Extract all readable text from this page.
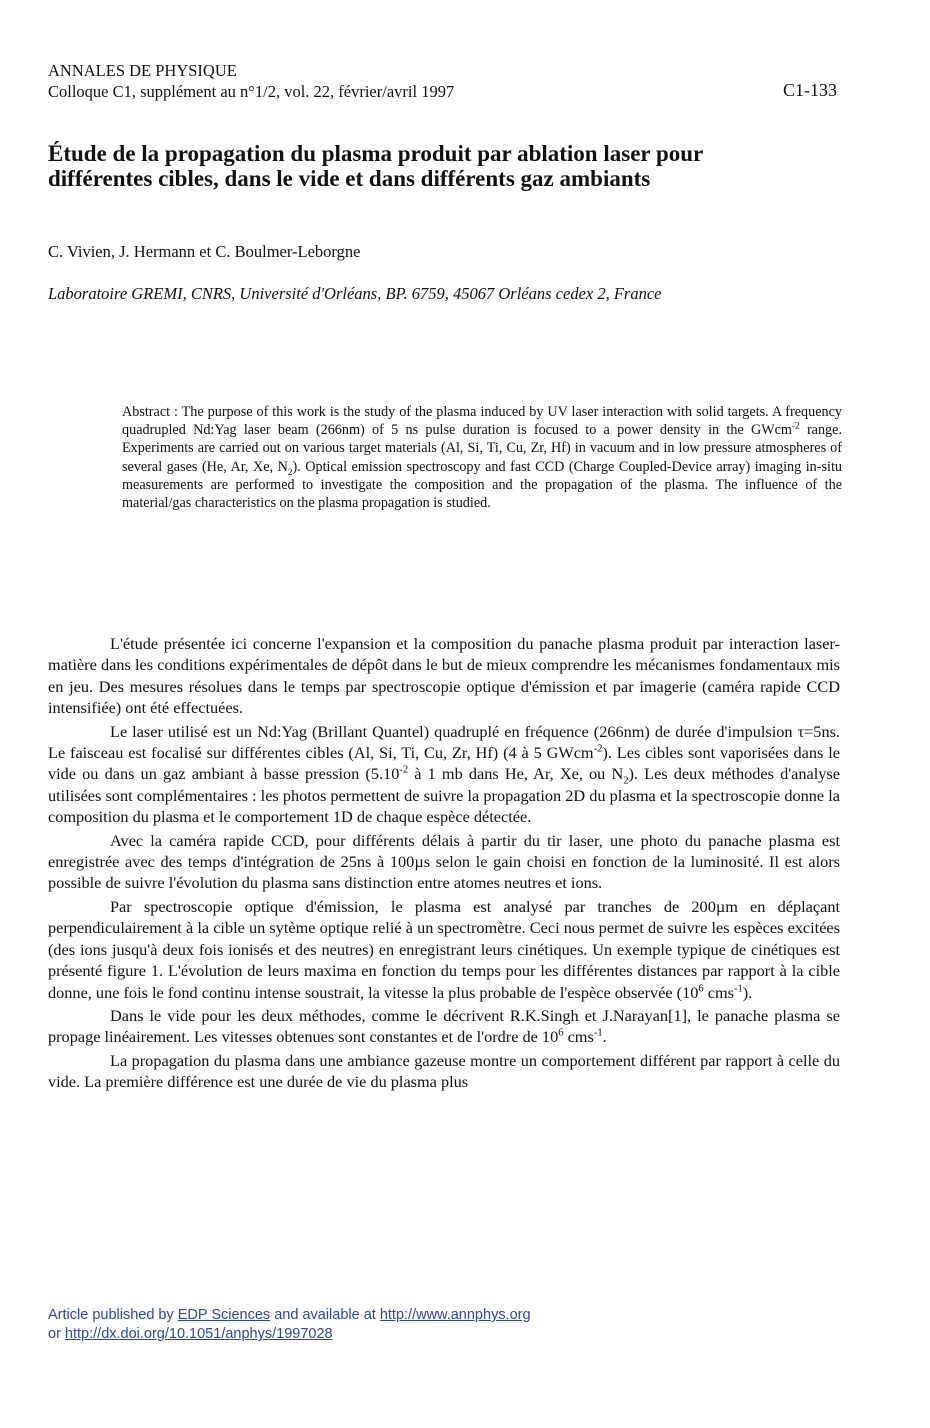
ANNALES DE PHYSIQUE
Colloque C1, supplément au n°1/2, vol. 22, février/avril 1997	C1-133
Étude de la propagation du plasma produit par ablation laser pour différentes cibles, dans le vide et dans différents gaz ambiants
C. Vivien, J. Hermann et C. Boulmer-Leborgne
Laboratoire GREMI, CNRS, Université d'Orléans, BP. 6759, 45067 Orléans cedex 2, France

Abstract : The purpose of this work is the study of the plasma induced by UV laser interaction with solid targets. A frequency quadrupled Nd:Yag laser beam (266nm) of 5 ns pulse duration is focused to a power density in the GWcm$^{-2}$ range. Experiments are carried out on various target materials (Al, Si, Ti, Cu, Zr, Hf) in vacuum and in low pressure atmospheres of several gases (He, Ar, Xe, $N_2$). Optical emission spectroscopy and fast CCD (Charge Coupled-Device array) imaging in-situ measurements are performed to investigate the composition and the propagation of the plasma. The influence of the material/gas characteristics on the plasma propagation is studied.

L'étude présentée ici concerne l'expansion et la composition du panache plasma produit par interaction laser-matière dans les conditions expérimentales de dépôt dans le but de mieux comprendre les mécanismes fondamentaux mis en jeu. Des mesures résolues dans le temps par spectroscopie optique d'émission et par imagerie (caméra rapide CCD intensifiée) ont été effectuées.

Le laser utilisé est un Nd:Yag (Brillant Quantel) quadruplé en fréquence (266nm) de durée d'impulsion τ=5ns. Le faisceau est focalisé sur différentes cibles (Al, Si, Ti, Cu, Zr, Hf) (4 à 5 GWcm$^{-2}$). Les cibles sont vaporisées dans le vide ou dans un gaz ambiant à basse pression ($5.10^{-2}$ à 1 mb dans He, Ar, Xe, ou $N_2$). Les deux méthodes d'analyse utilisées sont complémentaires : les photos permettent de suivre la propagation 2D du plasma et la spectroscopie donne la composition du plasma et le comportement 1D de chaque espèce détectée.

Avec la caméra rapide CCD, pour différents délais à partir du tir laser, une photo du panache plasma est enregistrée avec des temps d'intégration de 25ns à 100µs selon le gain choisi en fonction de la luminosité. Il est alors possible de suivre l'évolution du plasma sans distinction entre atomes neutres et ions.

Par spectroscopie optique d'émission, le plasma est analysé par tranches de 200µm en déplaçant perpendiculairement à la cible un sytème optique relié à un spectromètre. Ceci nous permet de suivre les espèces excitées (des ions jusqu'à deux fois ionisés et des neutres) en enregistrant leurs cinétiques. Un exemple typique de cinétiques est présenté figure 1. L'évolution de leurs maxima en fonction du temps pour les différentes distances par rapport à la cible donne, une fois le fond continu intense soustrait, la vitesse la plus probable de l'espèce observée ($10^6$ cms$^{-1}$).

Dans le vide pour les deux méthodes, comme le décrivent R.K.Singh et J.Narayan[1], le panache plasma se propage linéairement. Les vitesses obtenues sont constantes et de l'ordre de $10^6$ cms$^{-1}$.

La propagation du plasma dans une ambiance gazeuse montre un comportement différent par rapport à celle du vide. La première différence est une durée de vie du plasma plus

Article published by EDP Sciences and available at http://www.annphys.org
or http://dx.doi.org/10.1051/anphys/1997028
